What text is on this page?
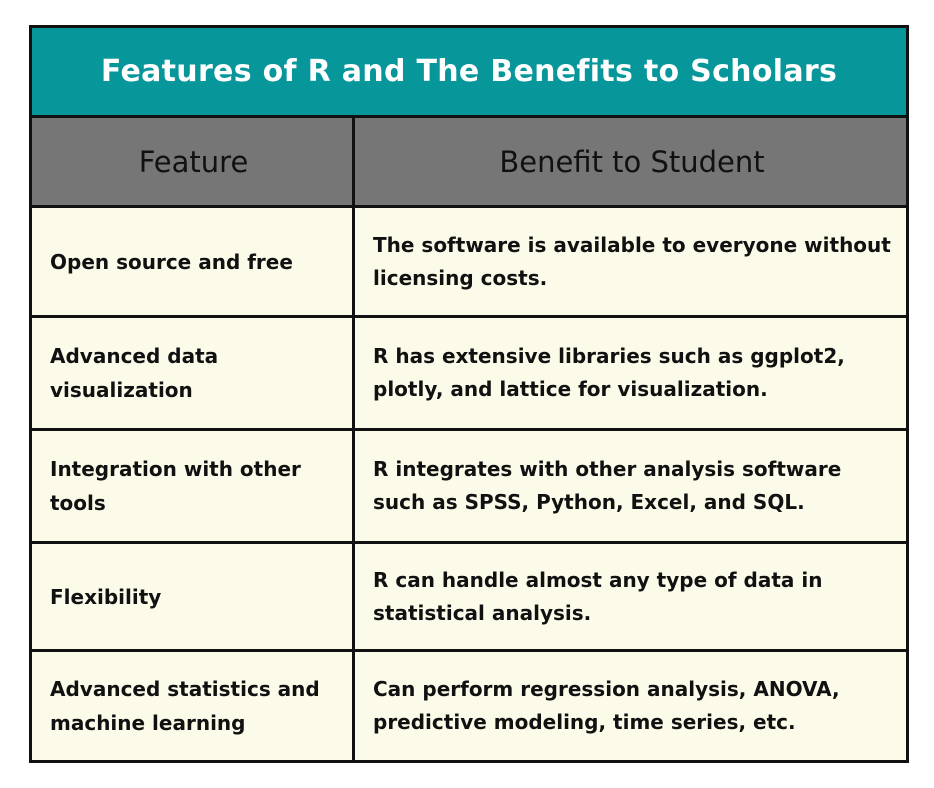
Features of R and The Benefits to Scholars
Feature	Benefit to Student
Open source and free
The software is available to everyone without licensing costs.
Advanced data visualization
R has extensive libraries such as ggplot2, plotly, and lattice for visualization.
Integration with other tools
R integrates with other analysis software such as SPSS, Python, Excel, and SQL.
Flexibility
R can handle almost any type of data in statistical analysis.
Advanced statistics and machine learning
Can perform regression analysis, ANOVA, predictive modeling, time series, etc.
